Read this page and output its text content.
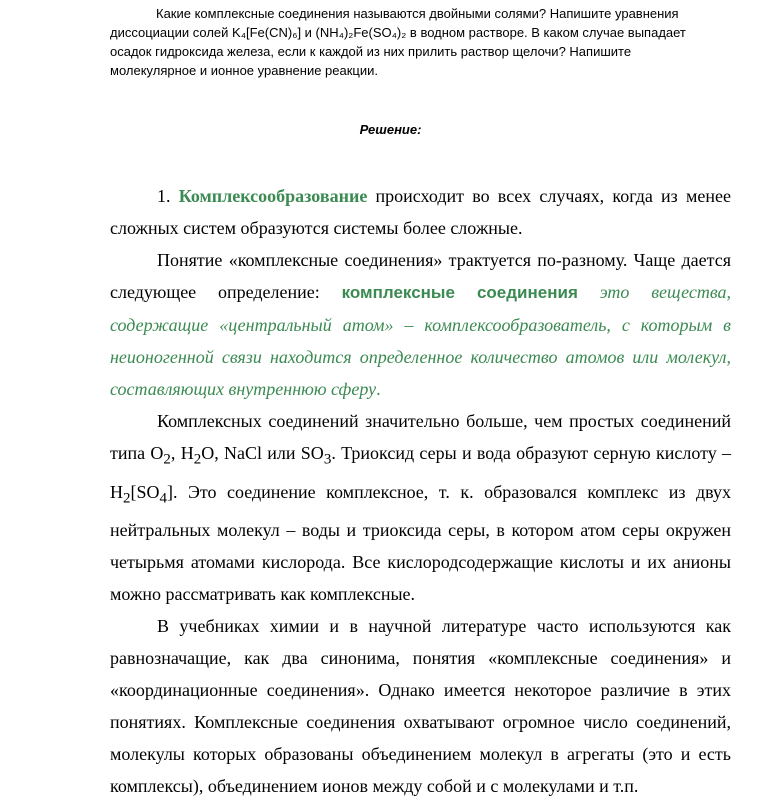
Какие комплексные соединения называются двойными солями? Напишите уравнения диссоциации солей K₄[Fe(CN)₆] и (NH₄)₂Fe(SO₄)₂ в водном растворе. В каком случае выпадает осадок гидроксида железа, если к каждой из них прилить раствор щелочи? Напишите молекулярное и ионное уравнение реакции.

Решение:

1. Комплексообразование происходит во всех случаях, когда из менее сложных систем образуются системы более сложные.

Понятие «комплексные соединения» трактуется по-разному. Чаще дается следующее определение: комплексные соединения это вещества, содержащие «центральный атом» – комплексообразователь, с которым в неионогенной связи находится определенное количество атомов или молекул, составляющих внутреннюю сферу.

Комплексных соединений значительно больше, чем простых соединений типа $O_2$, $H_2O$, NaCl или $SO_3$. Триоксид серы и вода образуют серную кислоту – $H_2[SO_4]$. Это соединение комплексное, т. к. образовался комплекс из двух нейтральных молекул – воды и триоксида серы, в котором атом серы окружен четырьмя атомами кислорода. Все кислородсодержащие кислоты и их анионы можно рассматривать как комплексные.

В учебниках химии и в научной литературе часто используются как равнозначащие, как два синонима, понятия «комплексные соединения» и «координационные соединения». Однако имеется некоторое различие в этих понятиях. Комплексные соединения охватывают огромное число соединений, молекулы которых образованы объединением молекул в агрегаты (это и есть комплексы), объединением ионов между собой и с молекулами и т.п.
